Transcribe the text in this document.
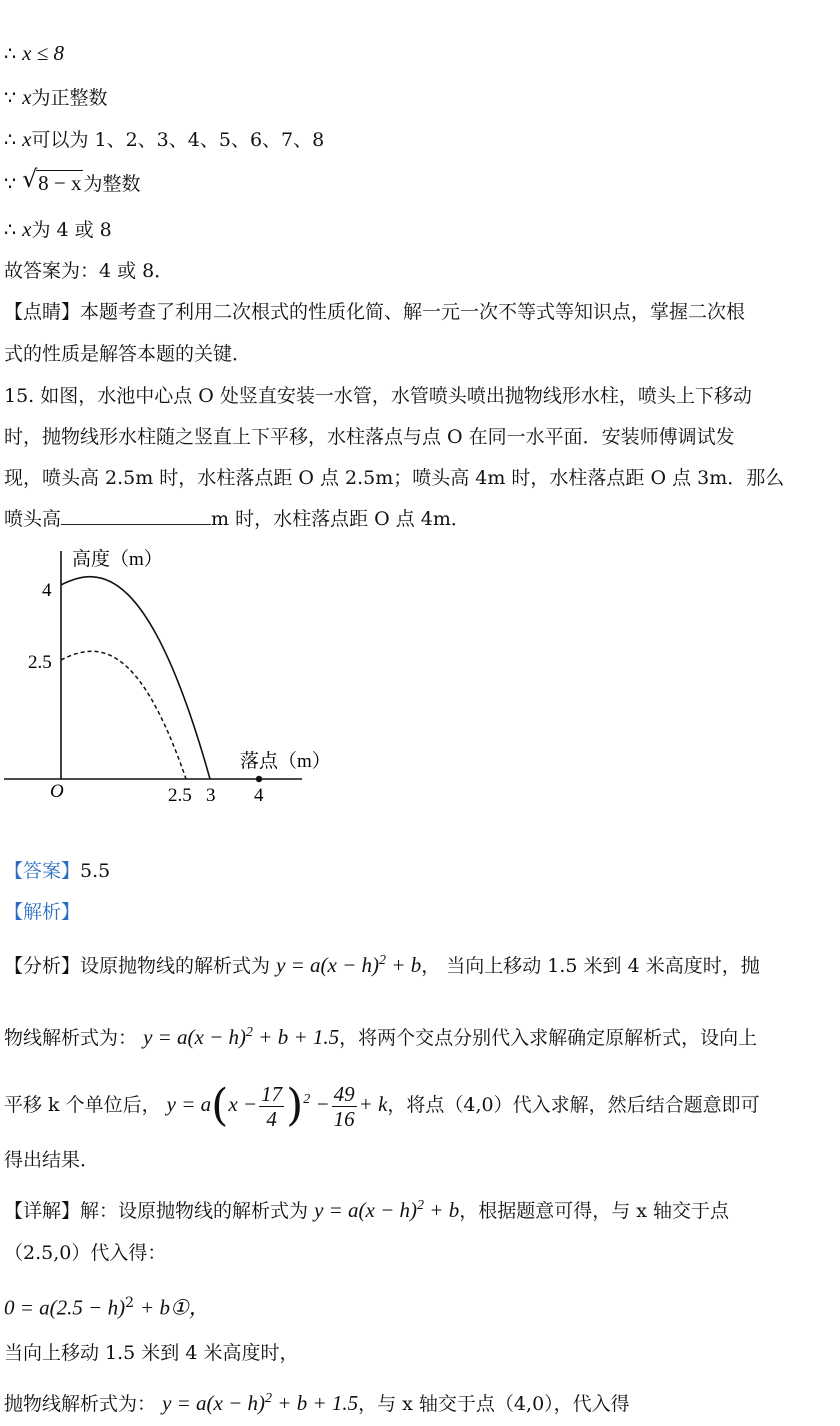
∴ x ≤ 8
∵ x为正整数
∴ x可以为 1、2、3、4、5、6、7、8
∵ √ 8 − x 为整数
∴ x为 4 或 8
故答案为：4 或 8．
【点睛】本题考查了利用二次根式的性质化简、解一元一次不等式等知识点，掌握二次根
式的性质是解答本题的关键．
15. 如图，水池中心点 O 处竖直安装一水管，水管喷头喷出抛物线形水柱，喷头上下移动
时，抛物线形水柱随之竖直上下平移，水柱落点与点 O 在同一水平面．安装师傅调试发
现，喷头高 2.5m 时，水柱落点距 O 点 2.5m；喷头高 4m 时，水柱落点距 O 点 3m．那么
喷头高	m 时，水柱落点距 O 点 4m．
高度（m）
落点（m）
4
2.5
O	2.5 3 4
【答案】5.5
【解析】
【分析】设原抛物线的解析式为 $y = a(x - h)^2 + b$， 当向上移动 1.5 米到 4 米高度时，抛
物线解析式为： $y = a(x - h)^2 + b + 1.5$，将两个交点分别代入求解确定原解析式，设向上
平移 k 个单位后， $y = a(x - \frac{17}{4} )^2 - \frac{49}{16} + k$，将点（4,0）代入求解，然后结合题意即可
得出结果．
【详解】解：设原抛物线的解析式为 $y = a(x - h)^2 + b$，根据题意可得，与 x 轴交于点
（2.5,0）代入得：
$0 = a(2.5 - h)^2$ + b①，
当向上移动 1.5 米到 4 米高度时，
抛物线解析式为： $y = a(x - h)^2 + b + 1.5$，与 x 轴交于点（4,0），代入得
